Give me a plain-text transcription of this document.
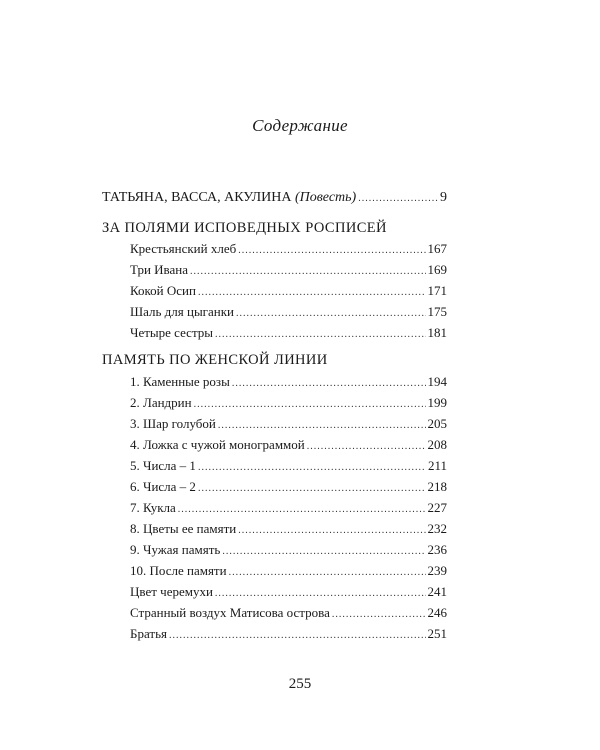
Содержание
ТАТЬЯНА, ВАССА, АКУЛИНА (Повесть) .....	9
ЗА ПОЛЯМИ ИСПОВЕДНЫХ РОСПИСЕЙ
Крестьянский хлеб .....	167
Три Ивана .....	169
Кокой Осип .....	171
Шаль для цыганки .....	175
Четыре сестры .....	181
ПАМЯТЬ ПО ЖЕНСКОЙ ЛИНИИ
1. Каменные розы .....	194
2. Ландрин .....	199
3. Шар голубой .....	205
4. Ложка с чужой монограммой .....	208
5. Числа – 1 .....	211
6. Числа – 2 .....	218
7. Кукла .....	227
8. Цветы ее памяти .....	232
9. Чужая память .....	236
10. После памяти .....	239
Цвет черемухи .....	241
Странный воздух Матисова острова .....	246
Братья .....	251
255
